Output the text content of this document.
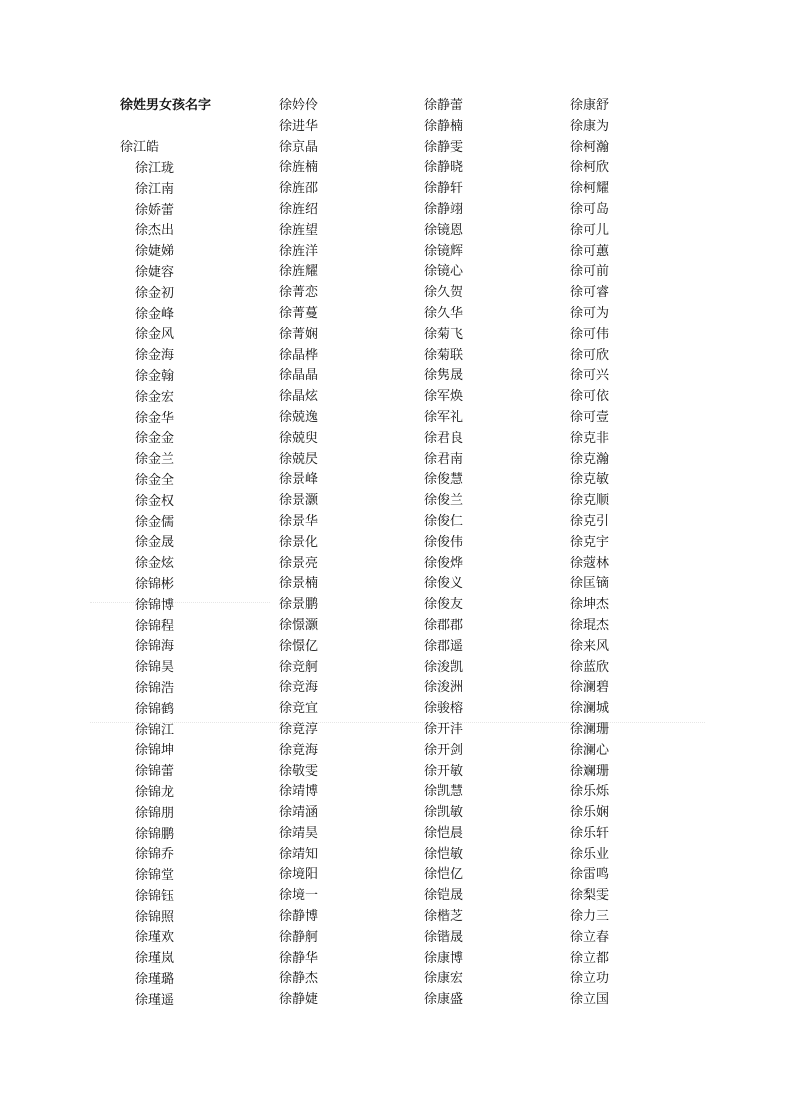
徐姓男女孩名字
徐江皓
徐江珑
徐江南
徐娇蕾
徐杰出
徐婕娣
徐婕容
徐金初
徐金峰
徐金风
徐金海
徐金翰
徐金宏
徐金华
徐金金
徐金兰
徐金全
徐金权
徐金儒
徐金晟
徐金炫
徐锦彬
徐锦博
徐锦程
徐锦海
徐锦昊
徐锦浩
徐锦鹤
徐锦江
徐锦坤
徐锦蕾
徐锦龙
徐锦朋
徐锦鹏
徐锦乔
徐锦堂
徐锦钰
徐锦照
徐瑾欢
徐瑾岚
徐瑾璐
徐瑾遥
徐妗伶
徐进华
徐京晶
徐旌楠
徐旌邵
徐旌绍
徐旌望
徐旌洋
徐旌耀
徐菁恋
徐菁蔓
徐菁娴
徐晶桦
徐晶晶
徐晶炫
徐兢逸
徐兢臾
徐兢昃
徐景峰
徐景灏
徐景华
徐景化
徐景亮
徐景楠
徐景鹏
徐憬灏
徐憬亿
徐竞舸
徐竞海
徐竞宜
徐竟淳
徐竟海
徐敬雯
徐靖博
徐靖涵
徐靖昊
徐靖知
徐境阳
徐境一
徐静博
徐静舸
徐静华
徐静杰
徐静婕
徐静蕾
徐静楠
徐静雯
徐静晓
徐静轩
徐静翊
徐镜恩
徐镜辉
徐镜心
徐久贺
徐久华
徐菊飞
徐菊联
徐隽晟
徐军焕
徐军礼
徐君良
徐君南
徐俊慧
徐俊兰
徐俊仁
徐俊伟
徐俊烨
徐俊义
徐俊友
徐郡郡
徐郡遥
徐浚凯
徐浚洲
徐骏榕
徐开沣
徐开剑
徐开敏
徐凯慧
徐凯敏
徐恺晨
徐恺敏
徐恺亿
徐铠晟
徐楷芝
徐锴晟
徐康博
徐康宏
徐康盛
徐康舒
徐康为
徐柯瀚
徐柯欣
徐柯耀
徐可岛
徐可儿
徐可蕙
徐可前
徐可睿
徐可为
徐可伟
徐可欣
徐可兴
徐可依
徐可壹
徐克非
徐克瀚
徐克敏
徐克顺
徐克引
徐克宇
徐蔻林
徐匡镝
徐坤杰
徐琨杰
徐来风
徐蓝欣
徐澜碧
徐澜城
徐澜珊
徐澜心
徐斓珊
徐乐烁
徐乐娴
徐乐轩
徐乐业
徐雷鸣
徐梨雯
徐力三
徐立春
徐立都
徐立功
徐立国
